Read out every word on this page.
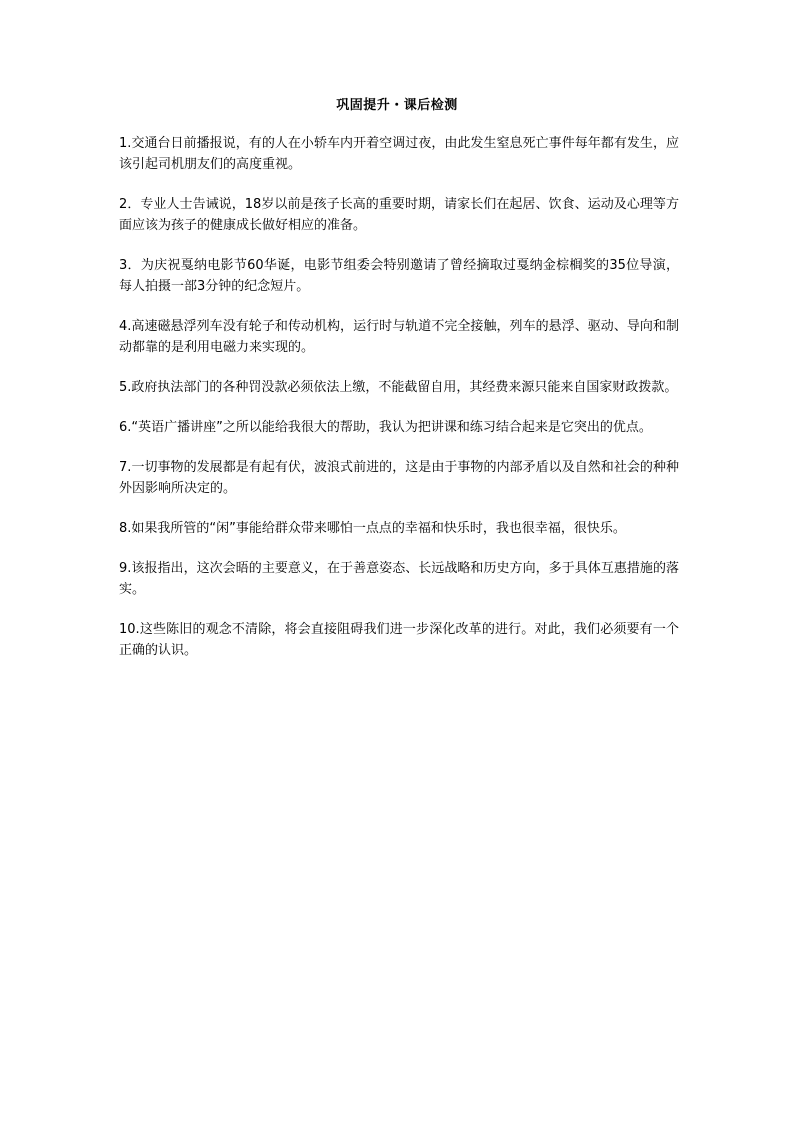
巩固提升・课后检测

1.交通台日前播报说，有的人在小轿车内开着空调过夜，由此发生窒息死亡事件每年都有发生，应该引起司机朋友们的高度重视。

2．专业人士告诫说，18岁以前是孩子长高的重要时期，请家长们在起居、饮食、运动及心理等方面应该为孩子的健康成长做好相应的准备。

3．为庆祝戛纳电影节60华诞，电影节组委会特别邀请了曾经摘取过戛纳金棕榈奖的35位导演，每人拍摄一部3分钟的纪念短片。

4.高速磁悬浮列车没有轮子和传动机构，运行时与轨道不完全接触，列车的悬浮、驱动、导向和制动都靠的是利用电磁力来实现的。

5.政府执法部门的各种罚没款必须依法上缴，不能截留自用，其经费来源只能来自国家财政拨款。

6.“英语广播讲座”之所以能给我很大的帮助，我认为把讲课和练习结合起来是它突出的优点。

7.一切事物的发展都是有起有伏，波浪式前进的，这是由于事物的内部矛盾以及自然和社会的种种外因影响所决定的。

8.如果我所管的“闲”事能给群众带来哪怕一点点的幸福和快乐时，我也很幸福，很快乐。

9.该报指出，这次会晤的主要意义，在于善意姿态、长远战略和历史方向，多于具体互惠措施的落实。

10.这些陈旧的观念不清除，将会直接阻碍我们进一步深化改革的进行。对此，我们必须要有一个正确的认识。
